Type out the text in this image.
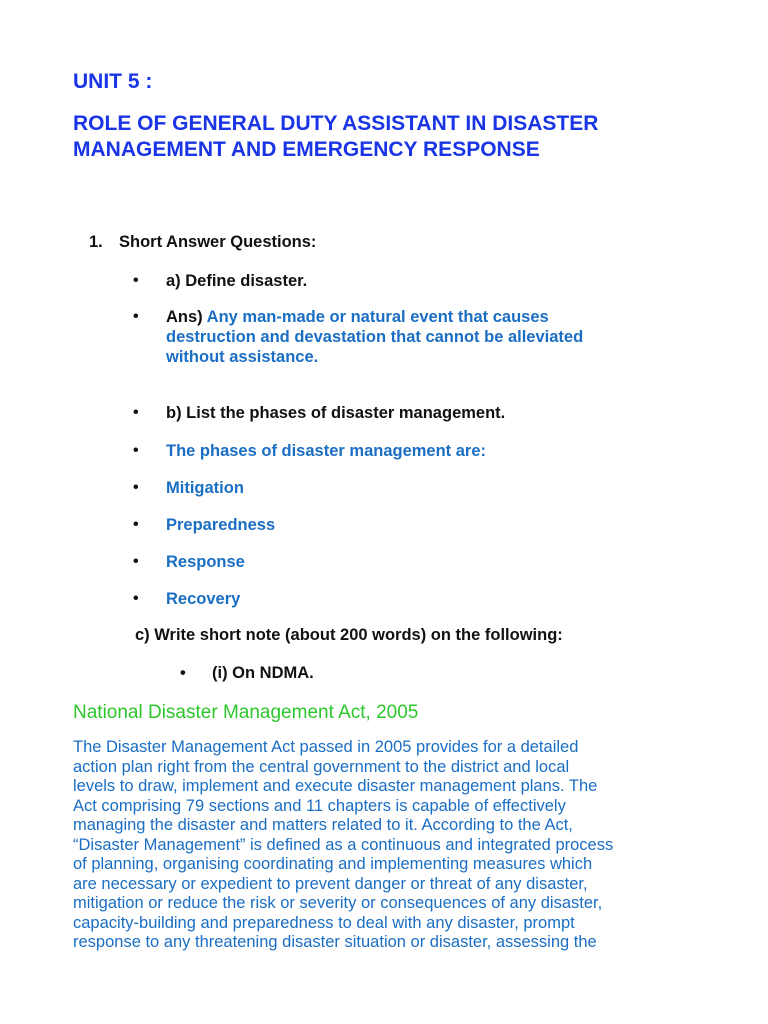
UNIT 5 :
ROLE OF GENERAL DUTY ASSISTANT IN DISASTER MANAGEMENT AND EMERGENCY RESPONSE
1. Short Answer Questions:
•	a) Define disaster.
•	Ans) Any man-made or natural event that causes
destruction and devastation that cannot be alleviated
without assistance.
•	b) List the phases of disaster management.
•	The phases of disaster management are:
•	Mitigation
•	Preparedness
•	Response
•	Recovery
c) Write short note (about 200 words) on the following:
• (i) On NDMA.
National Disaster Management Act, 2005

The Disaster Management Act passed in 2005 provides for a detailed
action plan right from the central government to the district and local
levels to draw, implement and execute disaster management plans. The
Act comprising 79 sections and 11 chapters is capable of effectively
managing the disaster and matters related to it. According to the Act,
“Disaster Management” is defined as a continuous and integrated process
of planning, organising coordinating and implementing measures which
are necessary or expedient to prevent danger or threat of any disaster,
mitigation or reduce the risk or severity or consequences of any disaster,
capacity-building and preparedness to deal with any disaster, prompt
response to any threatening disaster situation or disaster, assessing the
